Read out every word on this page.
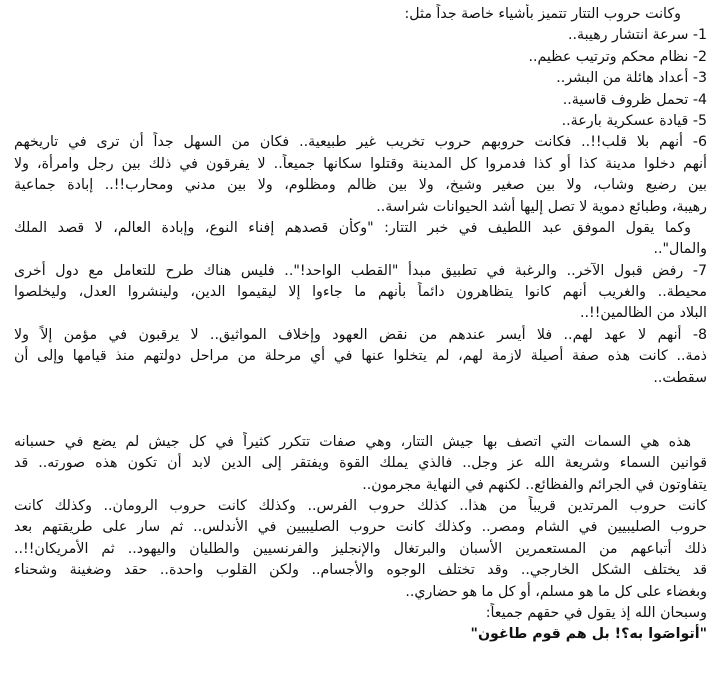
وكانت حروب التتار تتميز بأشياء خاصة جداً مثل:
1- سرعة انتشار رهيبة..
2- نظام محكم وترتيب عظيم..
3- أعداد هائلة من البشر..
4- تحمل ظروف قاسية..
5- قيادة عسكرية بارعة..
6- أنهم بلا قلب!!.. فكانت حروبهم حروب تخريب غير طبيعية.. فكان من السهل جداً أن ترى في تاريخهم
أنهم دخلوا مدينة كذا أو كذا فدمروا كل المدينة وقتلوا سكانها جميعاً.. لا يفرقون في ذلك بين رجل وامرأة، ولا
بين رضيع وشاب، ولا بين صغير وشيخ، ولا بين ظالم ومظلوم، ولا بين مدني ومحارب!!.. إبادة جماعية
رهيبة، وطبائع دموية لا تصل إليها أشد الحيوانات شراسة..
وكما يقول الموفق عبد اللطيف في خبر التتار: "وكأن قصدهم إفناء النوع، وإبادة العالم، لا قصد الملك
والمال"..
7- رفض قبول الآخر.. والرغبة في تطبيق مبدأ "القطب الواحد!".. فليس هناك طرح للتعامل مع دول أخرى
محيطة.. والغريب أنهم كانوا يتظاهرون دائماً بأنهم ما جاءوا إلا ليقيموا الدين، ولينشروا العدل، وليخلصوا
البلاد من الظالمين!!..
8- أنهم لا عهد لهم.. فلا أيسر عندهم من نقض العهود وإخلاف المواثيق.. لا يرقبون في مؤمن إلاً ولا
ذمة.. كانت هذه صفة أصيلة لازمة لهم، لم يتخلوا عنها في أي مرحلة من مراحل دولتهم منذ قيامها وإلى أن
سقطت..
هذه هي السمات التي اتصف بها جيش التتار، وهي صفات تتكرر كثيراً في كل جيش لم يضع في حسبانه
قوانين السماء وشريعة الله عز وجل.. فالذي يملك القوة ويفتقر إلى الدين لابد أن تكون هذه صورته.. قد
يتفاوتون في الجرائم والفظائع.. لكنهم في النهاية مجرمون..
كانت حروب المرتدين قريباً من هذا.. كذلك حروب الفرس.. وكذلك كانت حروب الرومان.. وكذلك كانت
حروب الصليبيين في الشام ومصر.. وكذلك كانت حروب الصليبيين في الأندلس.. ثم سار على طريقتهم بعد
ذلك أتباعهم من المستعمرين الأسبان والبرتغال والإنجليز والفرنسيين والطليان واليهود.. ثم الأمريكان!!..
قد يختلف الشكل الخارجي.. وقد تختلف الوجوه والأجسام.. ولكن القلوب واحدة.. حقد وضغينة وشحناء
وبغضاء على كل ما هو مسلم، أو كل ما هو حضاري..
وسبحان الله إذ يقول في حقهم جميعاً:
"أتواصَوا به؟! بل هم قوم طاغون"
